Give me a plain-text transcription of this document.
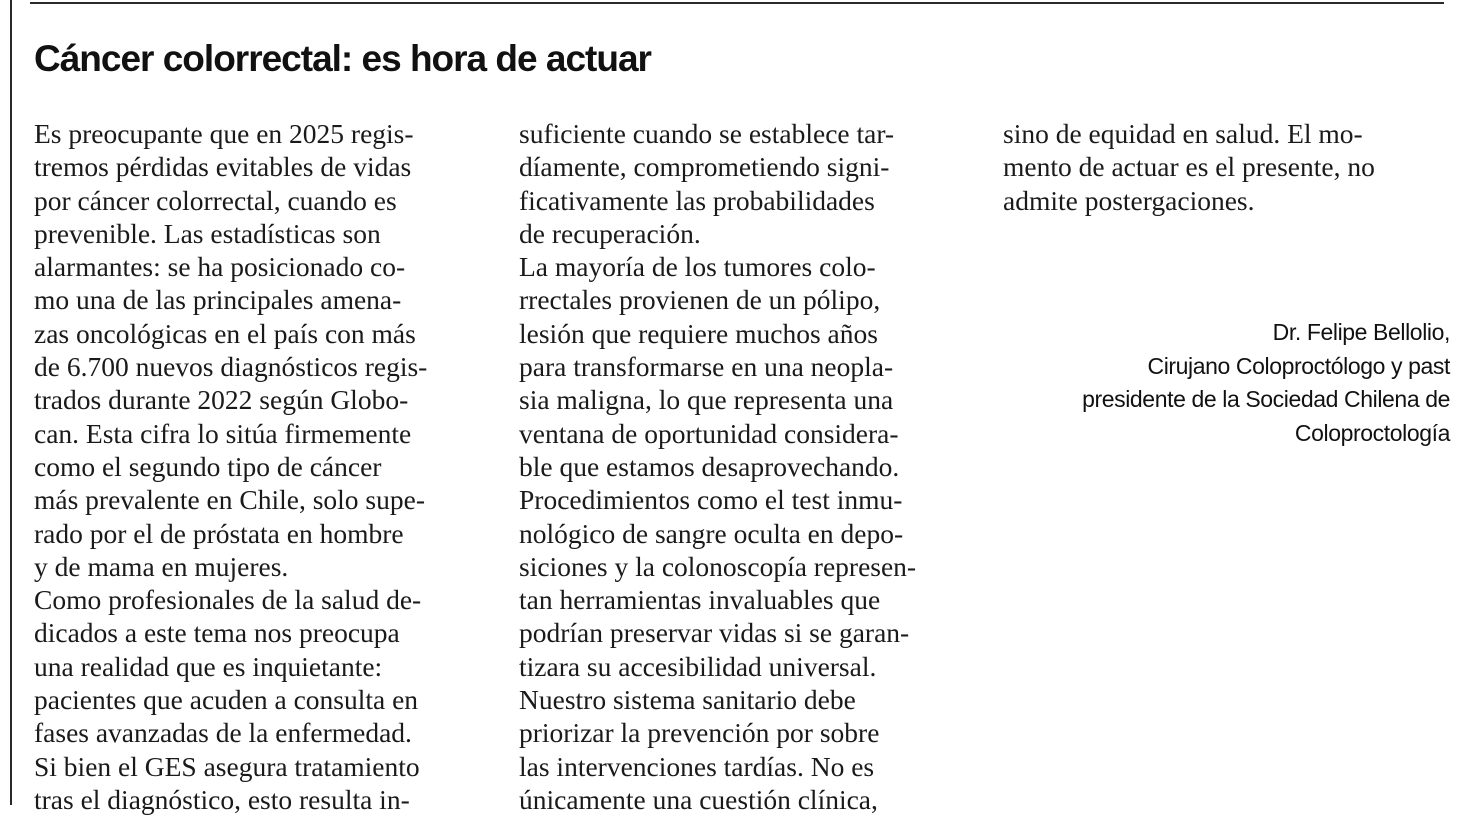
Cáncer colorrectal: es hora de actuar
Es preocupante que en 2025 regis-
tremos pérdidas evitables de vidas
por cáncer colorrectal, cuando es
prevenible. Las estadísticas son
alarmantes: se ha posicionado co-
mo una de las principales amena-
zas oncológicas en el país con más
de 6.700 nuevos diagnósticos regis-
trados durante 2022 según Globo-
can. Esta cifra lo sitúa firmemente
como el segundo tipo de cáncer
más prevalente en Chile, solo supe-
rado por el de próstata en hombre
y de mama en mujeres.
Como profesionales de la salud de-
dicados a este tema nos preocupa
una realidad que es inquietante:
pacientes que acuden a consulta en
fases avanzadas de la enfermedad.
Si bien el GES asegura tratamiento
tras el diagnóstico, esto resulta in-
suficiente cuando se establece tar-
díamente, comprometiendo signi-
ficativamente las probabilidades
de recuperación.
La mayoría de los tumores colo-
rrectales provienen de un pólipo,
lesión que requiere muchos años
para transformarse en una neopla-
sia maligna, lo que representa una
ventana de oportunidad considera-
ble que estamos desaprovechando.
Procedimientos como el test inmu-
nológico de sangre oculta en depo-
siciones y la colonoscopía represen-
tan herramientas invaluables que
podrían preservar vidas si se garan-
tizara su accesibilidad universal.
Nuestro sistema sanitario debe
priorizar la prevención por sobre
las intervenciones tardías. No es
únicamente una cuestión clínica,
sino de equidad en salud. El mo-
mento de actuar es el presente, no
admite postergaciones.
Dr. Felipe Bellolio,
Cirujano Coloproctólogo y past
presidente de la Sociedad Chilena de
Coloproctología
